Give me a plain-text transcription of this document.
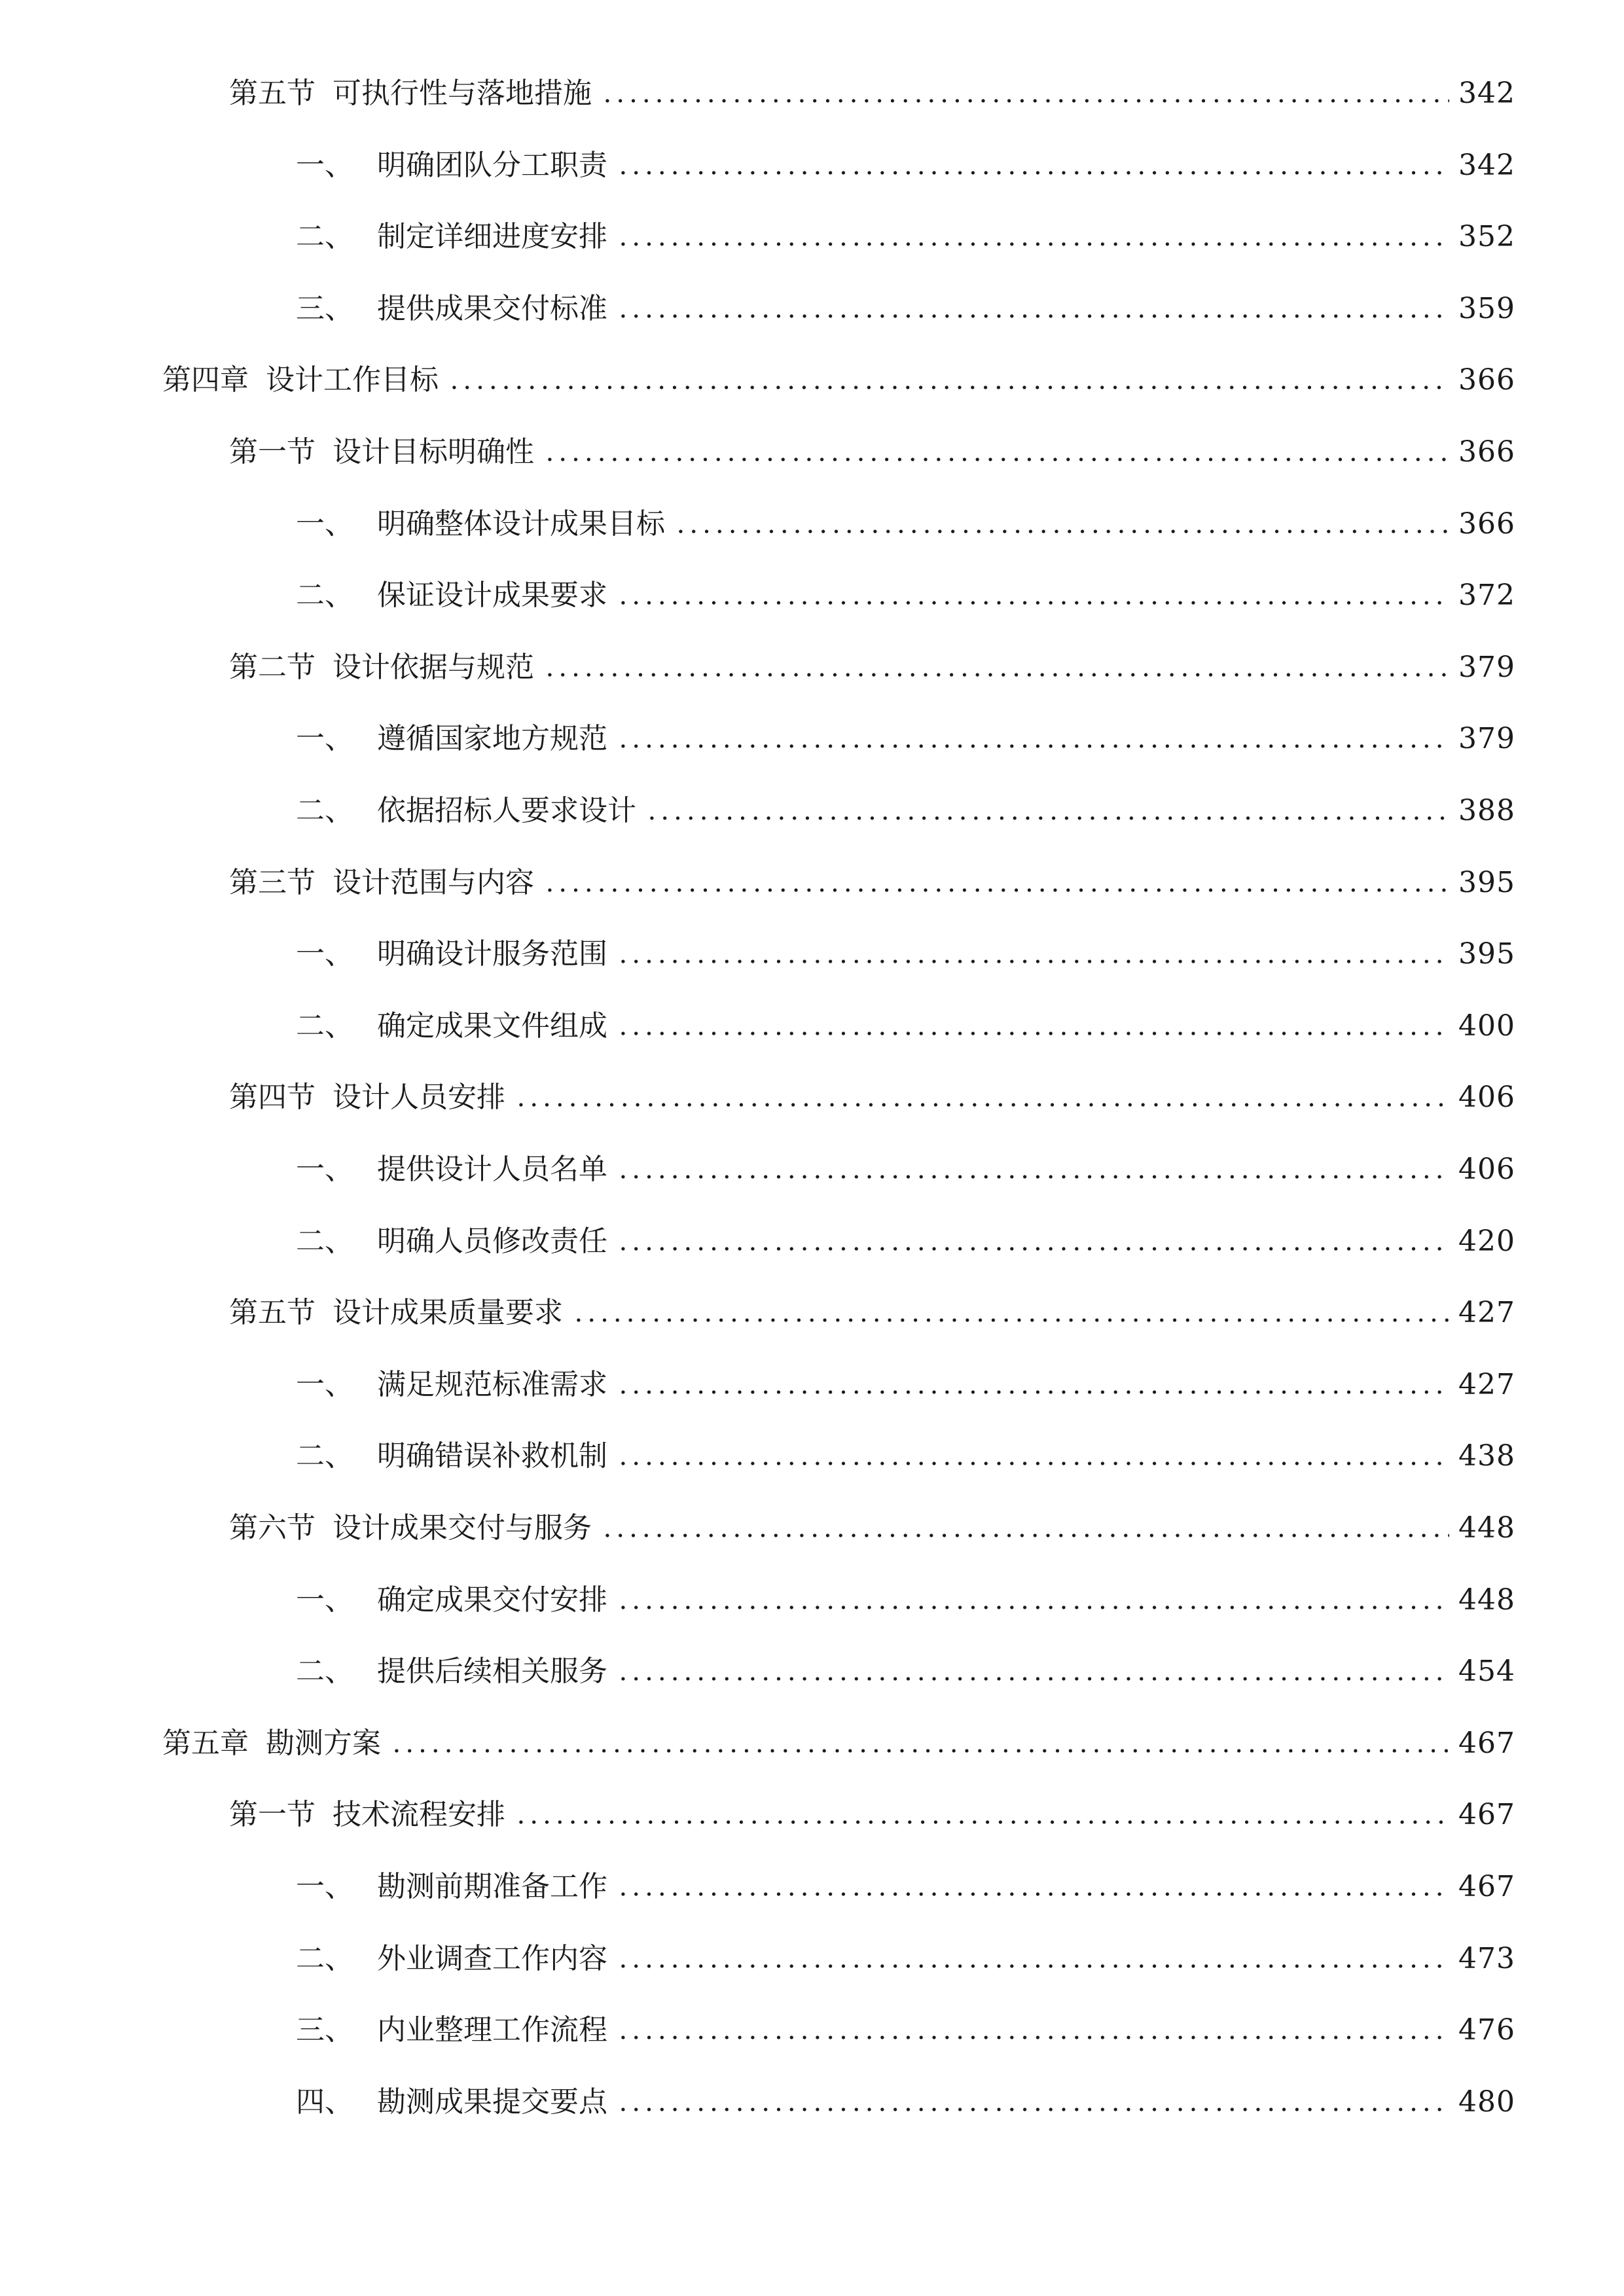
第五节 可执行性与落地措施	342
一、 明确团队分工职责	342
二、 制定详细进度安排	352
三、 提供成果交付标准	359
第四章 设计工作目标	366
第一节 设计目标明确性	366
一、 明确整体设计成果目标	366
二、 保证设计成果要求	372
第二节 设计依据与规范	379
一、 遵循国家地方规范	379
二、 依据招标人要求设计	388
第三节 设计范围与内容	395
一、 明确设计服务范围	395
二、 确定成果文件组成	400
第四节 设计人员安排	406
一、 提供设计人员名单	406
二、 明确人员修改责任	420
第五节 设计成果质量要求	427
一、 满足规范标准需求	427
二、 明确错误补救机制	438
第六节 设计成果交付与服务	448
一、 确定成果交付安排	448
二、 提供后续相关服务	454
第五章 勘测方案	467
第一节 技术流程安排	467
一、 勘测前期准备工作	467
二、 外业调查工作内容	473
三、 内业整理工作流程	476
四、 勘测成果提交要点	480
